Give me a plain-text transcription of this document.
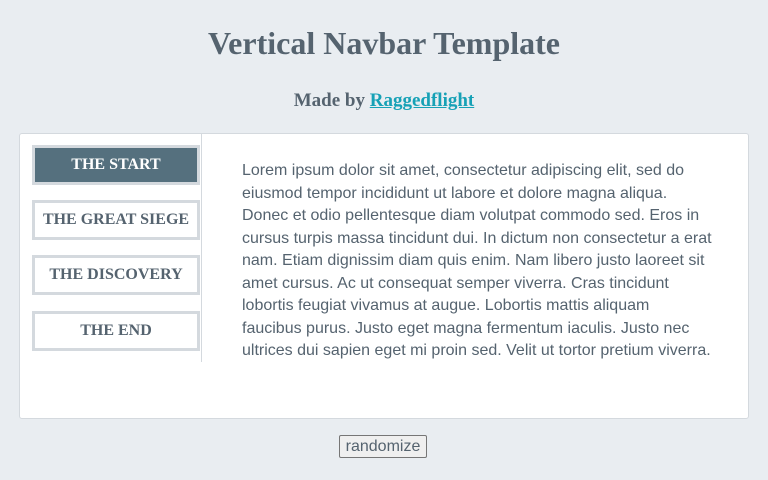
Vertical Navbar Template
Made by Raggedflight
THE START
THE GREAT SIEGE
THE DISCOVERY
THE END

Lorem ipsum dolor sit amet, consectetur adipiscing elit, sed do eiusmod tempor incididunt ut labore et dolore magna aliqua. Donec et odio pellentesque diam volutpat commodo sed. Eros in cursus turpis massa tincidunt dui. In dictum non consectetur a erat nam. Etiam dignissim diam quis enim. Nam libero justo laoreet sit amet cursus. Ac ut consequat semper viverra. Cras tincidunt lobortis feugiat vivamus at augue. Lobortis mattis aliquam faucibus purus. Justo eget magna fermentum iaculis. Justo nec ultrices dui sapien eget mi proin sed. Velit ut tortor pretium viverra.

randomize
